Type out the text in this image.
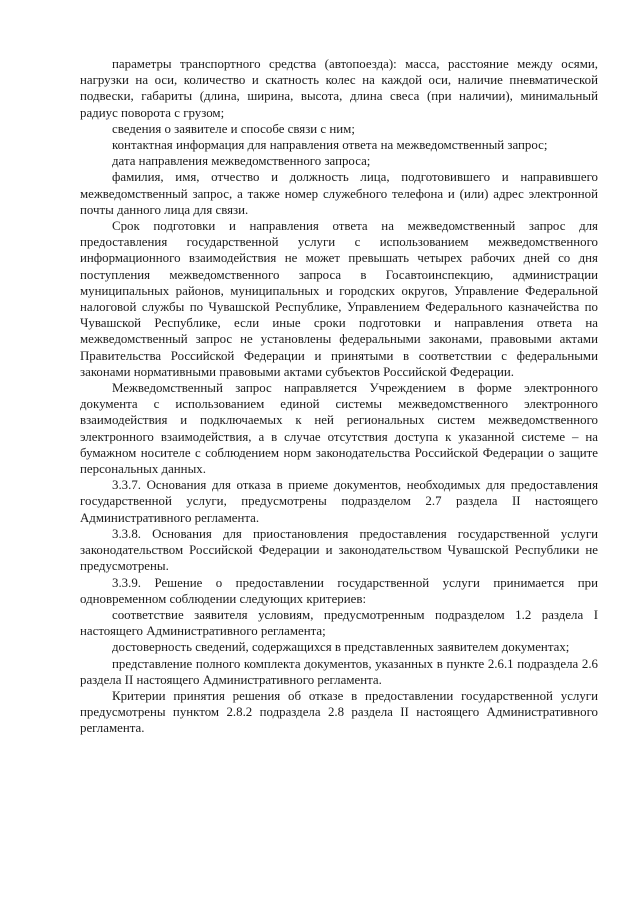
параметры транспортного средства (автопоезда): масса, расстояние между осями, нагрузки на оси, количество и скатность колес на каждой оси, наличие пневматической подвески, габариты (длина, ширина, высота, длина свеса (при наличии), минимальный радиус поворота с грузом;

сведения о заявителе и способе связи с ним;

контактная информация для направления ответа на межведомственный запрос;

дата направления межведомственного запроса;

фамилия, имя, отчество и должность лица, подготовившего и направившего межведомственный запрос, а также номер служебного телефона и (или) адрес электронной почты данного лица для связи.

Срок подготовки и направления ответа на межведомственный запрос для предоставления государственной услуги с использованием межведомственного информационного взаимодействия не может превышать четырех рабочих дней со дня поступления межведомственного запроса в Госавтоинспекцию, администрации муниципальных районов, муниципальных и городских округов, Управление Федеральной налоговой службы по Чувашской Республике, Управлением Федерального казначейства по Чувашской Республике, если иные сроки подготовки и направления ответа на межведомственный запрос не установлены федеральными законами, правовыми актами Правительства Российской Федерации и принятыми в соответствии с федеральными законами нормативными правовыми актами субъектов Российской Федерации.

Межведомственный запрос направляется Учреждением в форме электронного документа с использованием единой системы межведомственного электронного взаимодействия и подключаемых к ней региональных систем межведомственного электронного взаимодействия, а в случае отсутствия доступа к указанной системе – на бумажном носителе с соблюдением норм законодательства Российской Федерации о защите персональных данных.

3.3.7. Основания для отказа в приеме документов, необходимых для предоставления государственной услуги, предусмотрены подразделом 2.7 раздела II настоящего Административного регламента.

3.3.8. Основания для приостановления предоставления государственной услуги законодательством Российской Федерации и законодательством Чувашской Республики не предусмотрены.

3.3.9. Решение о предоставлении государственной услуги принимается при одновременном соблюдении следующих критериев:

соответствие заявителя условиям, предусмотренным подразделом 1.2 раздела I настоящего Административного регламента;

достоверность сведений, содержащихся в представленных заявителем документах;

представление полного комплекта документов, указанных в пункте 2.6.1 подраздела 2.6 раздела II настоящего Административного регламента.

Критерии принятия решения об отказе в предоставлении государственной услуги предусмотрены пунктом 2.8.2 подраздела 2.8 раздела II настоящего Административного регламента.
